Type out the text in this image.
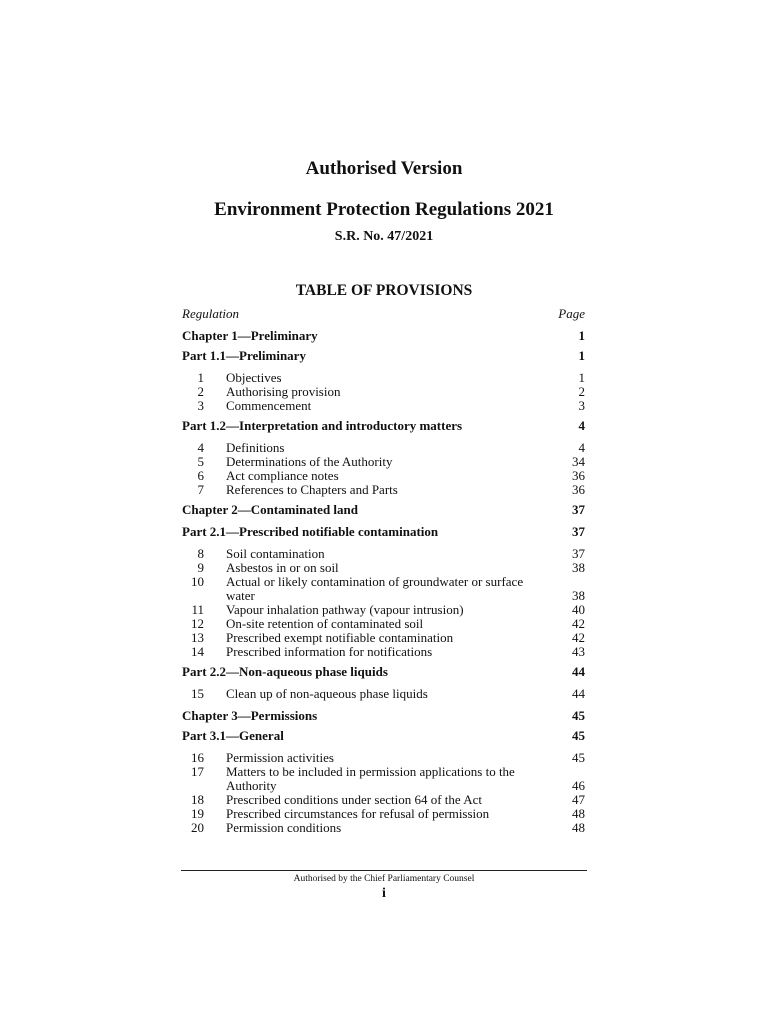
Authorised Version
Environment Protection Regulations 2021
S.R. No. 47/2021
TABLE OF PROVISIONS
Regulation	Page
Chapter 1—Preliminary	1
Part 1.1—Preliminary	1
1 Objectives	1
2 Authorising provision	2
3 Commencement	3
Part 1.2—Interpretation and introductory matters	4
4 Definitions	4
5 Determinations of the Authority	34
6 Act compliance notes	36
7 References to Chapters and Parts	36
Chapter 2—Contaminated land	37
Part 2.1—Prescribed notifiable contamination	37
8 Soil contamination	37
9 Asbestos in or on soil	38
10 Actual or likely contamination of groundwater or surface
water	38
11 Vapour inhalation pathway (vapour intrusion)	40
12 On-site retention of contaminated soil	42
13 Prescribed exempt notifiable contamination	42
14 Prescribed information for notifications	43
Part 2.2—Non-aqueous phase liquids	44
15 Clean up of non-aqueous phase liquids	44
Chapter 3—Permissions	45
Part 3.1—General	45
16 Permission activities	45
17 Matters to be included in permission applications to the
Authority	46
18 Prescribed conditions under section 64 of the Act	47
19 Prescribed circumstances for refusal of permission	48
20 Permission conditions	48
Authorised by the Chief Parliamentary Counsel
i
